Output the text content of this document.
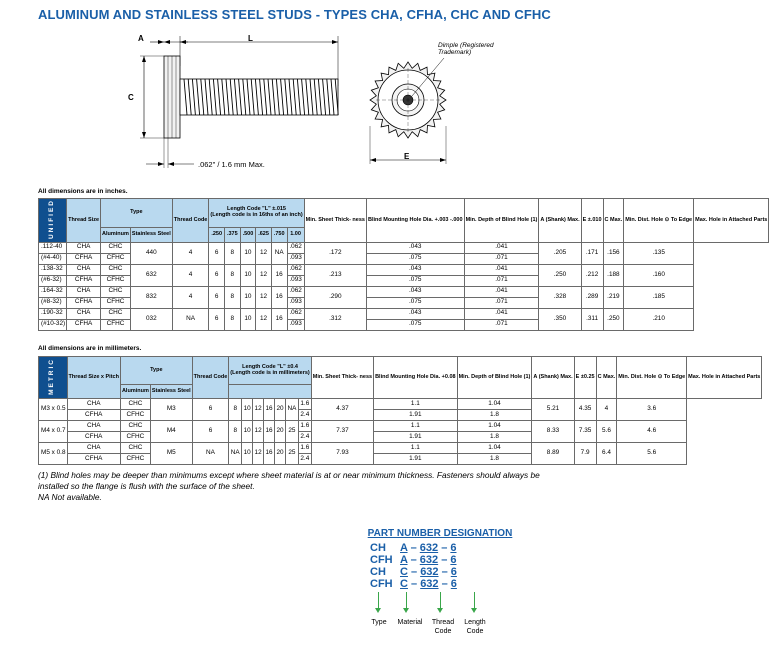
ALUMINUM AND STAINLESS STEEL STUDS - TYPES CHA, CFHA, CHC AND CFHC
A	L
C
E
.062" / 1.6 mm Max.
Dimple (Registered Trademark)
All dimensions are in inches.
UNIFIED	Thread Size	Type		Thread Code	Length Code "L" ±.015
(Length code is in 16ths of an inch)						Min. Sheet Thick- ness	Blind Mounting Hole Dia. +.003 -.000	Min. Depth of Blind Hole (1)	A (Shank) Max.	E ±.010	C Max.	Min. Dist. Hole ⊙ To Edge	Max. Hole in Attached Parts
		Aluminum	Stainless Steel		.250	.375	.500	.625	.750	1.00								
.112-40	CHA	CHC	440	4	6	8	10	12	NA	.062	.172	.043	.041	.205	.171	.156	.135	
(#4-40)	CFHA	CFHC								.093		.075	.071					
.138-32	CHA	CHC	632	4	6	8	10	12	16	.062	.213	.043	.041	.250	.212	.188	.160	
(#6-32)	CFHA	CFHC								.093		.075	.071					
.164-32	CHA	CHC	832	4	6	8	10	12	16	.062	.290	.043	.041	.328	.289	.219	.185	
(#8-32)	CFHA	CFHC								.093		.075	.071					
.190-32	CHA	CHC	032	NA	6	8	10	12	16	.062	.312	.043	.041	.350	.311	.250	.210	
(#10-32)	CFHA	CFHC								.093		.075	.071					
All dimensions are in millimeters.
METRIC	Thread Size x Pitch	Type		Thread Code	Length Code "L" ±0.4
(Length code is in millimeters)							Min. Sheet Thick- ness	Blind Mounting Hole Dia. +0.08	Min. Depth of Blind Hole (1)	A (Shank) Max.	E ±0.25	C Max.	Min. Dist. Hole ⊙ To Edge	Max. Hole in Attached Parts
		Aluminum	Stainless Steel																
M3 x 0.5	CHA	CHC	M3	6	8	10	12	16	20	NA	1.6	4.37	1.1	1.04	5.21	4.35	4	3.6	
	CFHA	CFHC									2.4		1.91	1.8					
M4 x 0.7	CHA	CHC	M4	6	8	10	12	16	20	25	1.6	7.37	1.1	1.04	8.33	7.35	5.6	4.6	
	CFHA	CFHC									2.4		1.91	1.8					
M5 x 0.8	CHA	CHC	M5	NA	NA	10	12	16	20	25	1.6	7.93	1.1	1.04	8.89	7.9	6.4	5.6	
	CFHA	CFHC									2.4		1.91	1.8					
(1) Blind holes may be deeper than minimums except where sheet material is at or near minimum thickness. Fasteners should always be installed so the flange is flush with the surface of the sheet.
NA Not available.
PART NUMBER DESIGNATION
CH A – 632 – 6
CFH A – 632 – 6
CH C – 632 – 6
CFH C – 632 – 6
Type	Material	Thread Code
Length Code
